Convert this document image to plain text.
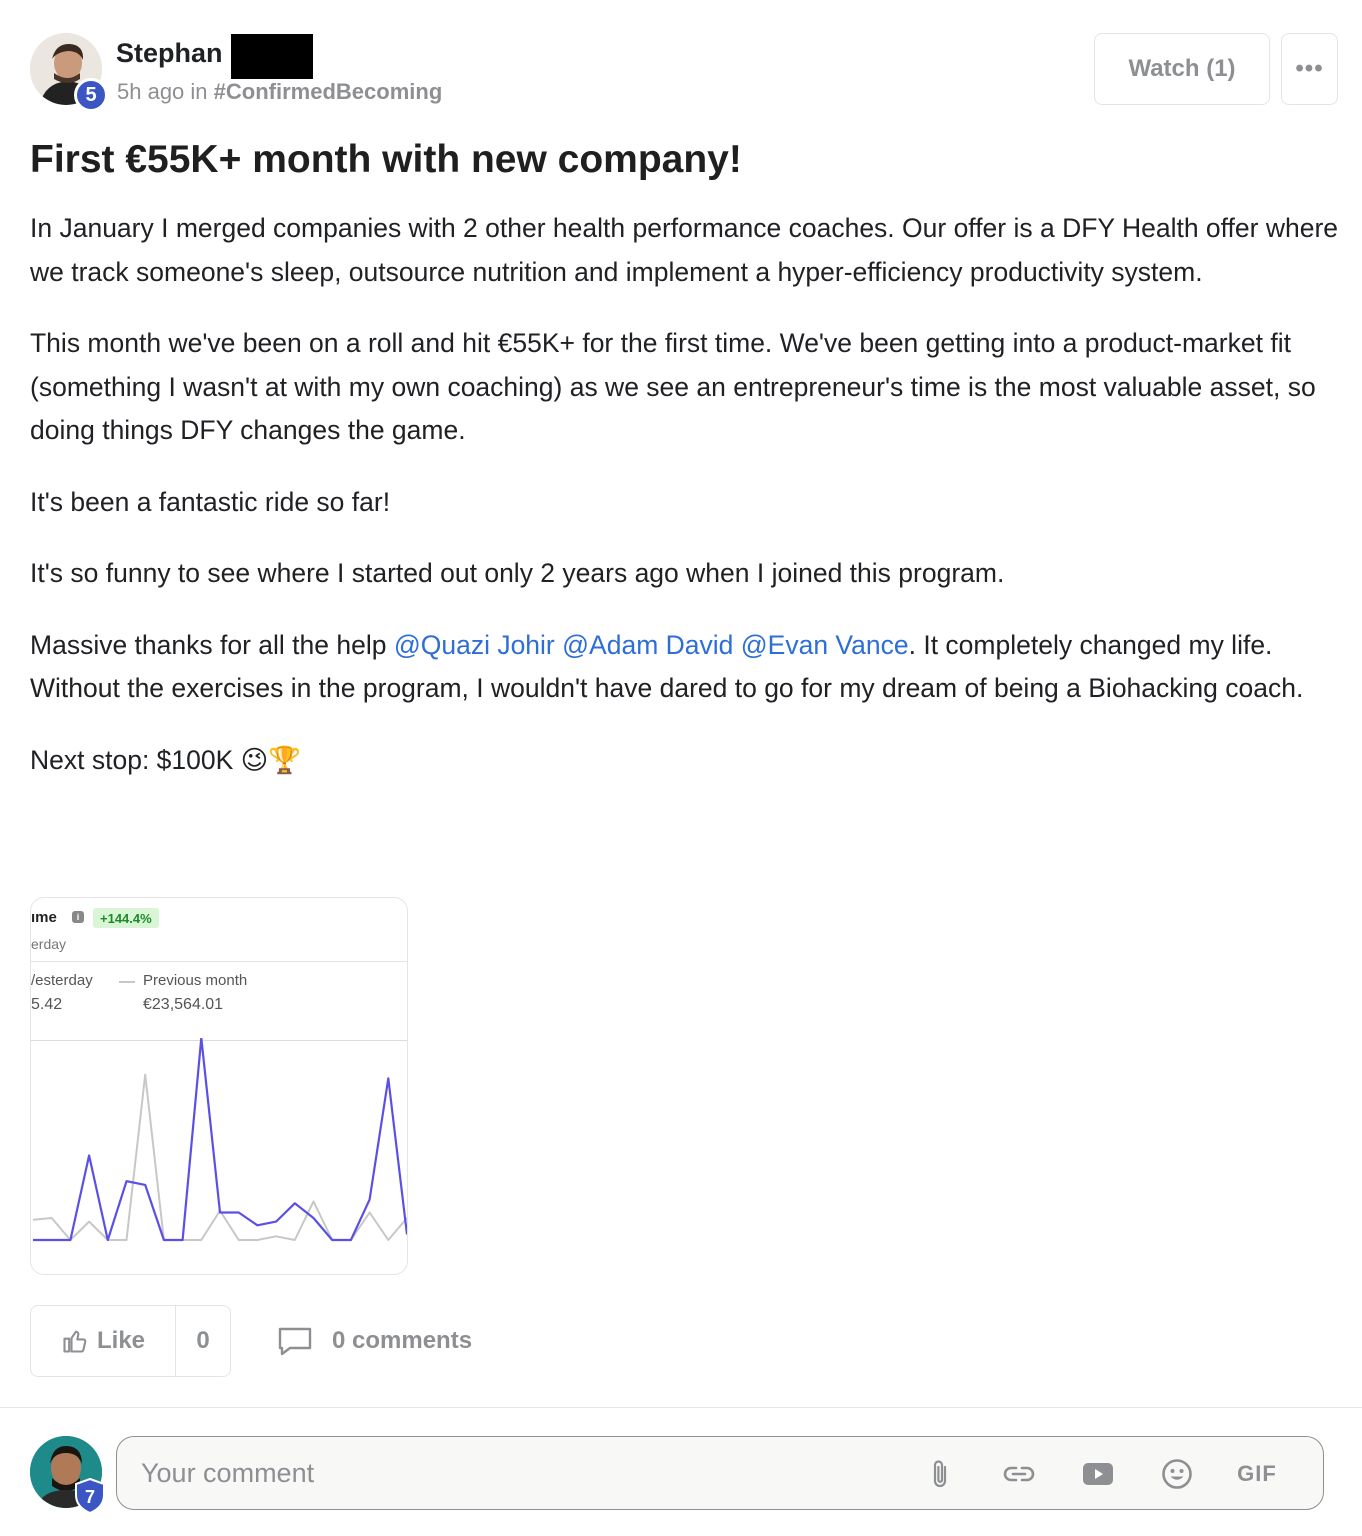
5
Stephan
5h ago in #ConfirmedBecoming
Watch (1)	•••
First €55K+ month with new company!

In January I merged companies with 2 other health performance coaches. Our offer is a DFY Health offer where we track someone's sleep, outsource nutrition and implement a hyper-efficiency productivity system.

This month we've been on a roll and hit €55K+ for the first time. We've been getting into a product-market fit (something I wasn't at with my own coaching) as we see an entrepreneur's time is the most valuable asset, so doing things DFY changes the game.

It's been a fantastic ride so far!

It's so funny to see where I started out only 2 years ago when I joined this program.

Massive thanks for all the help @Quazi Johir @Adam David @Evan Vance. It completely changed my life. Without the exercises in the program, I wouldn't have dared to go for my dream of being a Biohacking coach.

Next stop: $100K 😉🏆

ıme	i	+144.4%
erday
/esterday
5.42
Previous month
€23,564.01
Like	0	0 comments
7
Your comment
GIF
